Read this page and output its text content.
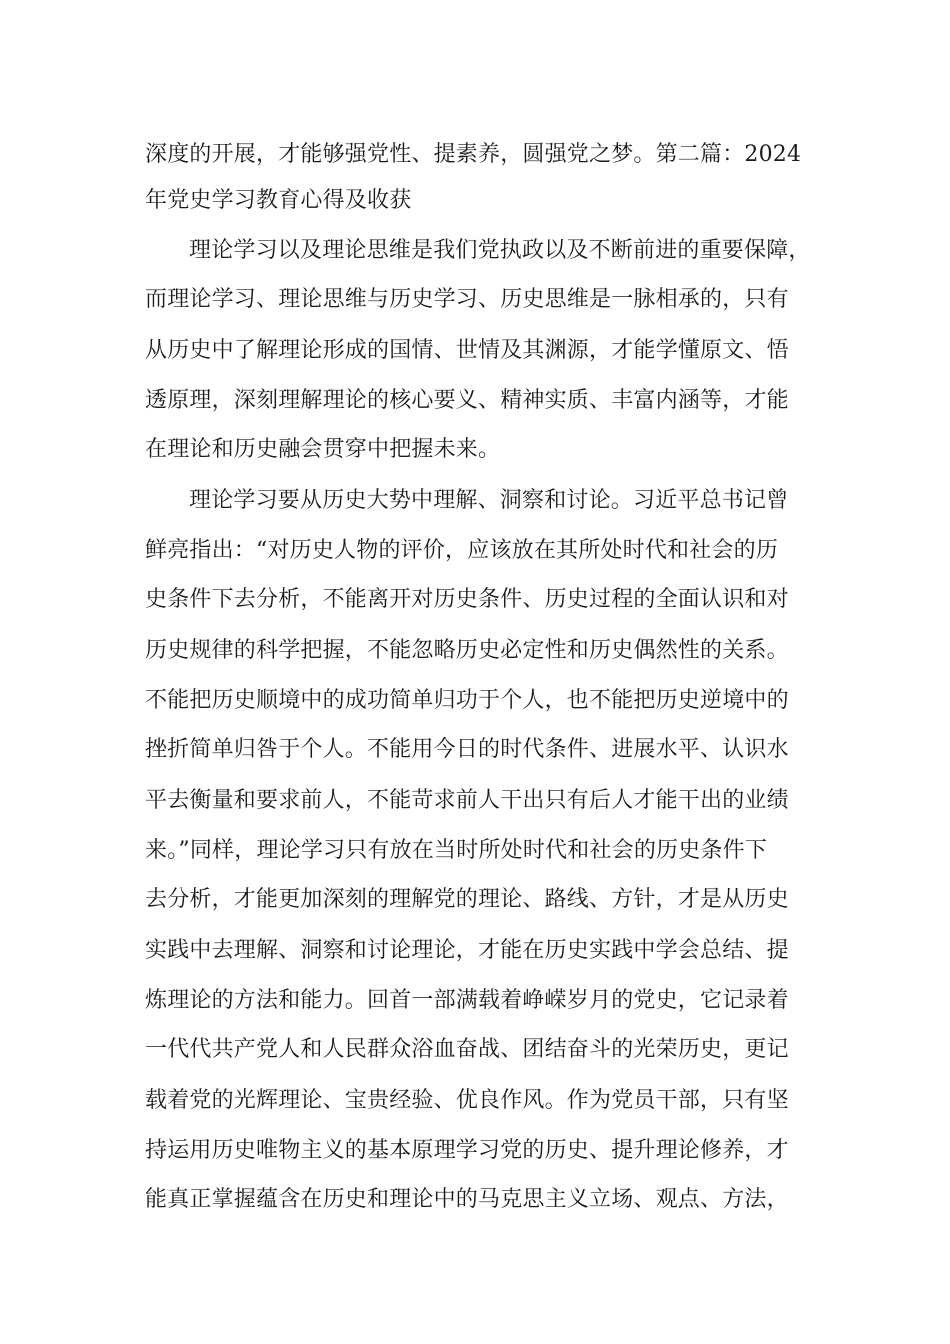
深度的开展，才能够强党性、提素养，圆强党之梦。第二篇：2024
年党史学习教育心得及收获
理论学习以及理论思维是我们党执政以及不断前进的重要保障，
而理论学习、理论思维与历史学习、历史思维是一脉相承的，只有
从历史中了解理论形成的国情、世情及其渊源，才能学懂原文、悟
透原理，深刻理解理论的核心要义、精神实质、丰富内涵等，才能
在理论和历史融会贯穿中把握未来。
理论学习要从历史大势中理解、洞察和讨论。习近平总书记曾
鲜亮指出：“对历史人物的评价，应该放在其所处时代和社会的历
史条件下去分析，不能离开对历史条件、历史过程的全面认识和对
历史规律的科学把握，不能忽略历史必定性和历史偶然性的关系。
不能把历史顺境中的成功简单归功于个人，也不能把历史逆境中的
挫折简单归咎于个人。不能用今日的时代条件、进展水平、认识水
平去衡量和要求前人，不能苛求前人干出只有后人才能干出的业绩
来。”同样，理论学习只有放在当时所处时代和社会的历史条件下
去分析，才能更加深刻的理解党的理论、路线、方针，才是从历史
实践中去理解、洞察和讨论理论，才能在历史实践中学会总结、提
炼理论的方法和能力。回首一部满载着峥嵘岁月的党史，它记录着
一代代共产党人和人民群众浴血奋战、团结奋斗的光荣历史，更记
载着党的光辉理论、宝贵经验、优良作风。作为党员干部，只有坚
持运用历史唯物主义的基本原理学习党的历史、提升理论修养，才
能真正掌握蕴含在历史和理论中的马克思主义立场、观点、方法，
